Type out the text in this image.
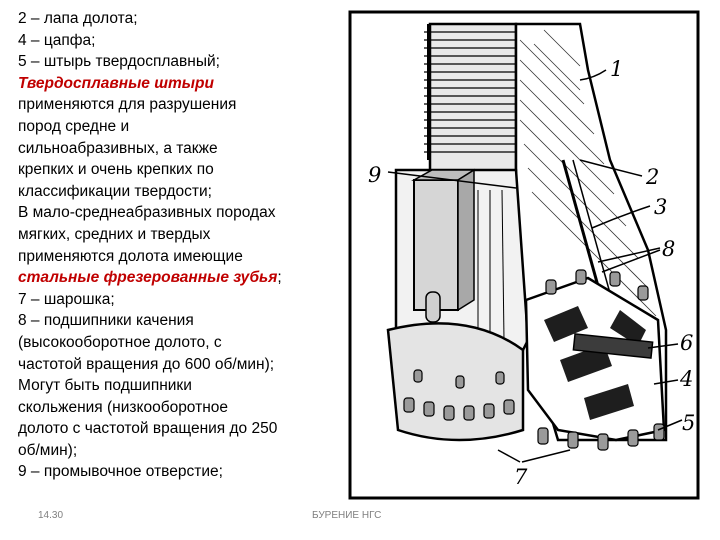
2 – лапа долота;
4 – цапфа;
5 – штырь твердосплавный;
Твердосплавные штыри
применяются для разрушения
пород средне и
сильноабразивных, а также
крепких и очень крепких по
классификации твердости;
В мало-среднеабразивных породах
мягких, средних и твердых
применяются долота имеющие
стальные фрезерованные зубья;
7 – шарошка;
8 – подшипники качения
(высокооборотное долото, с
частотой вращения до 600 об/мин);
Могут быть подшипники
скольжения (низкооборотное
долото с частотой вращения до 250
об/мин);
9 – промывочное отверстие;
1
2
3
8
6
4
5
9
7
14.30	БУРЕНИЕ НГС
